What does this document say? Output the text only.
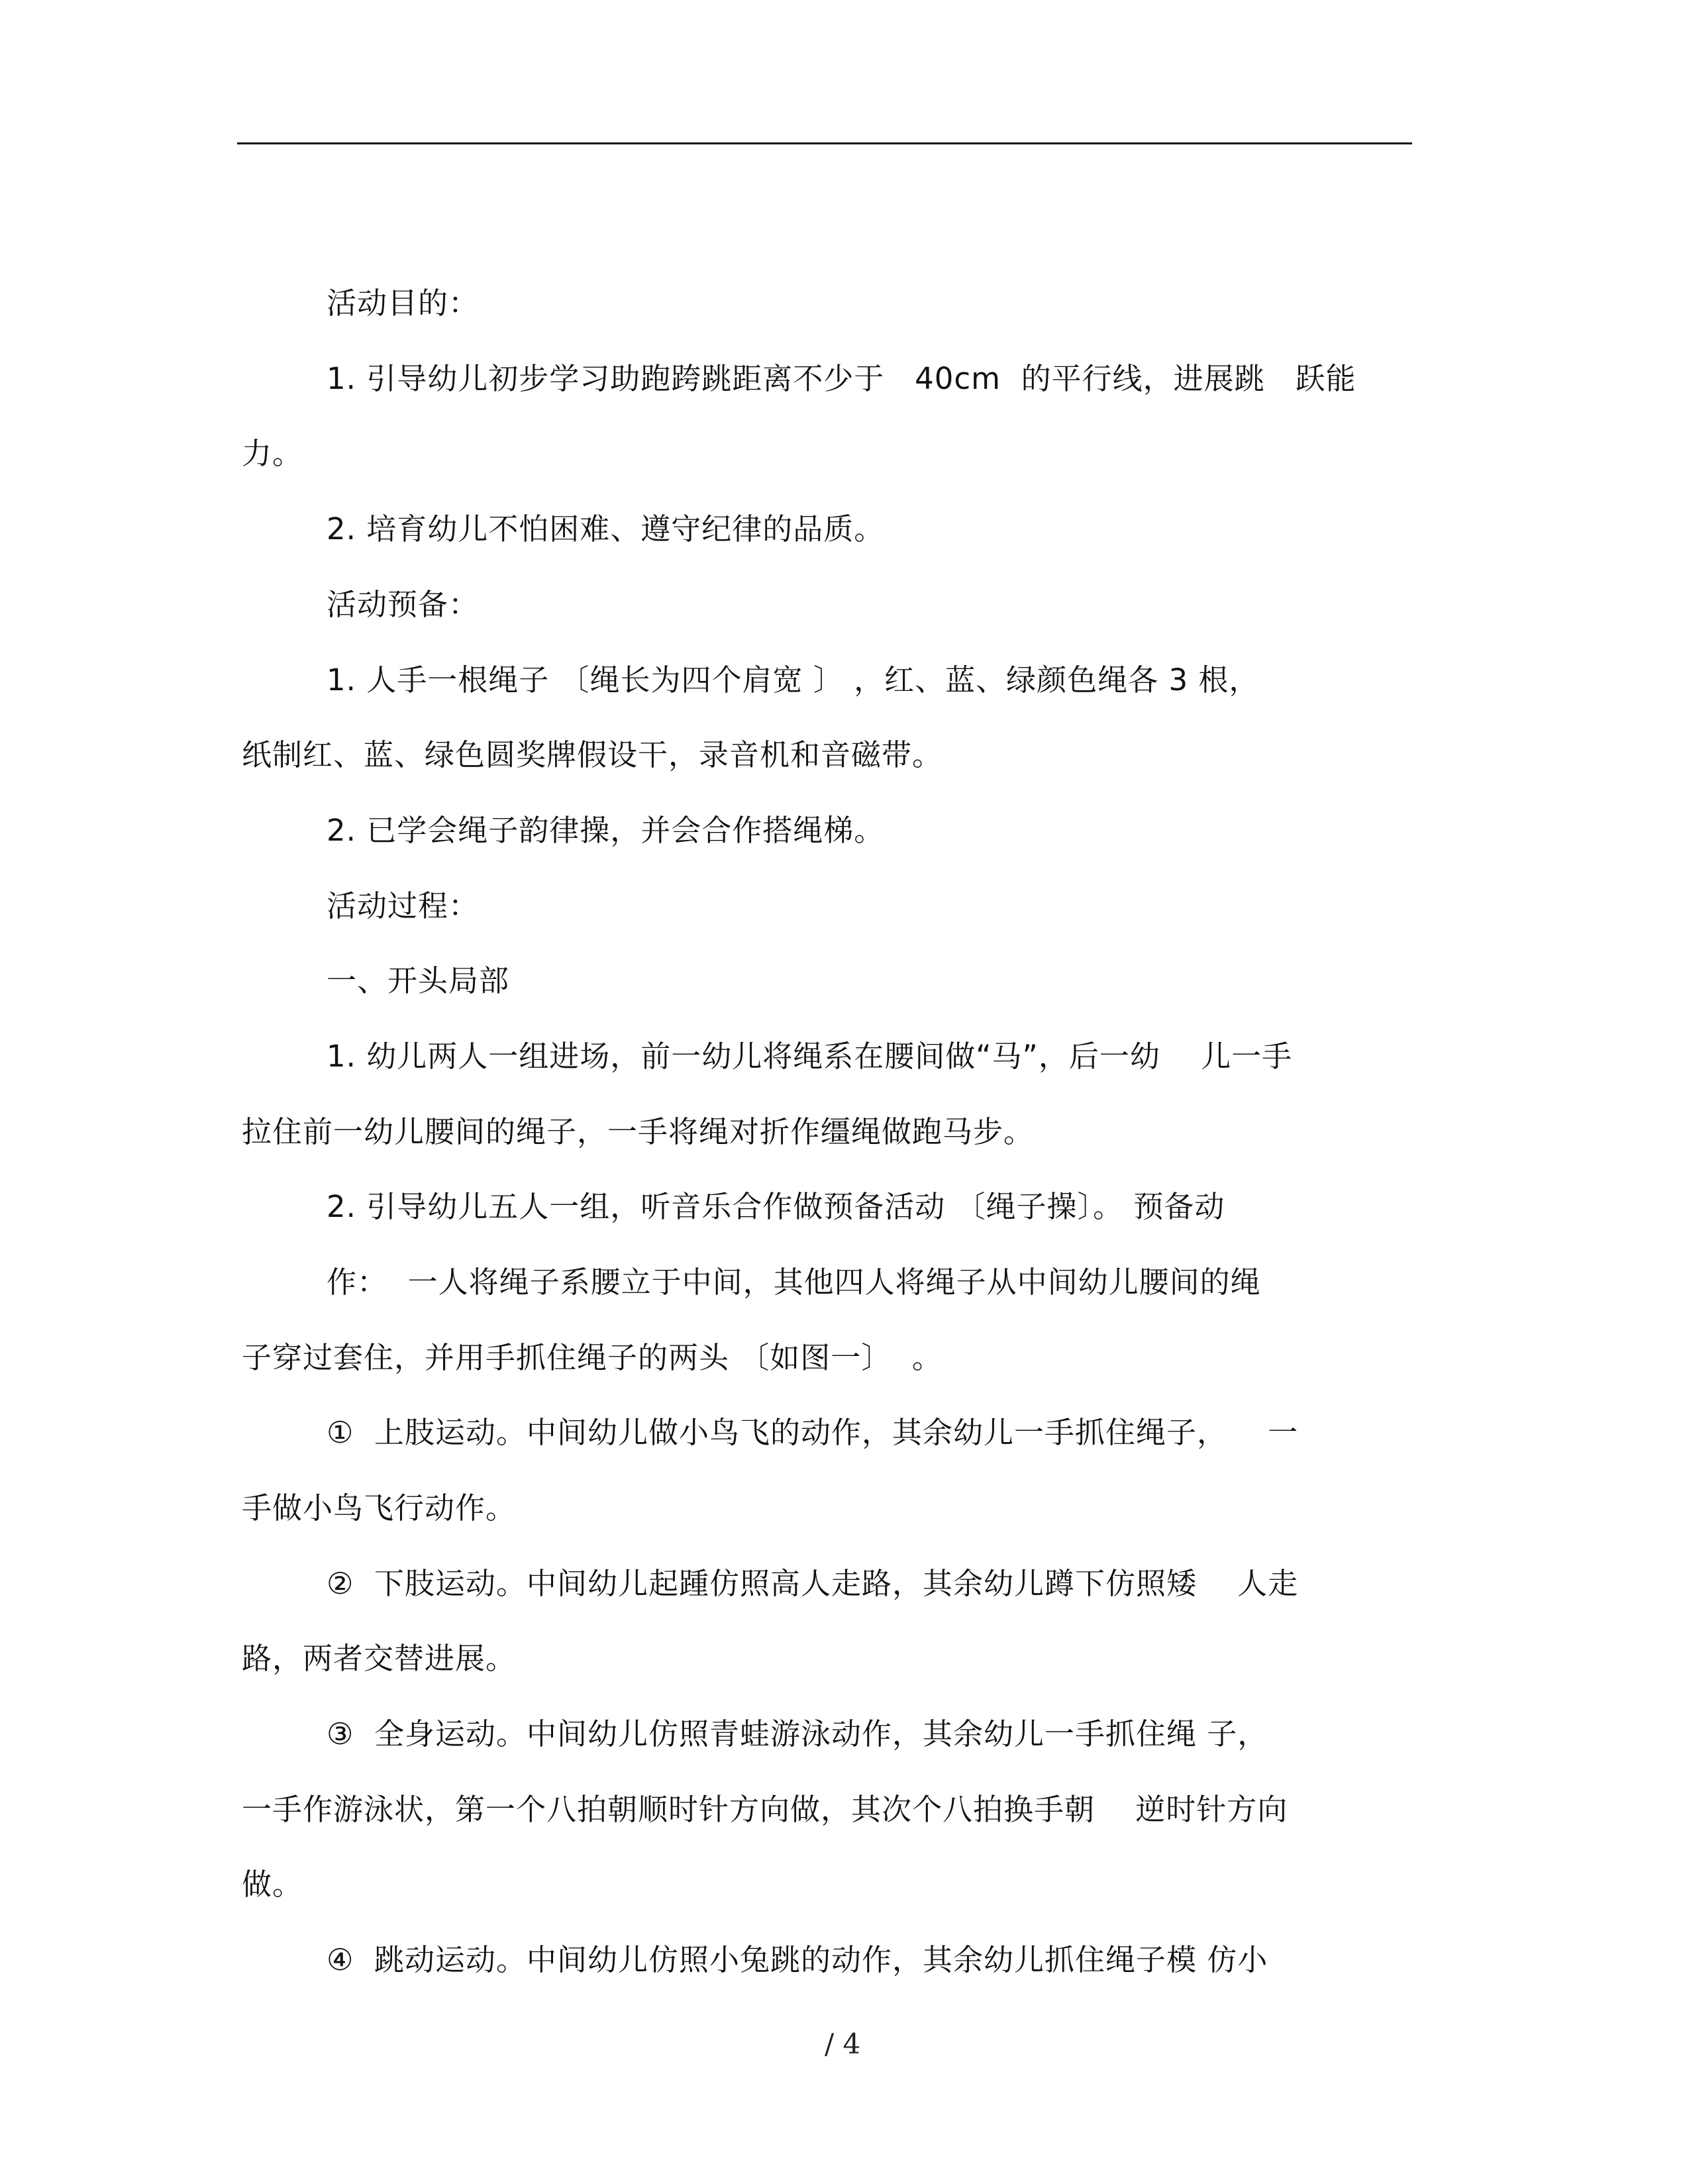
活动目的：
1. 引导幼儿初步学习助跑跨跳距离不少于   40cm  的平行线，进展跳   跃能
力。
2. 培育幼儿不怕困难、遵守纪律的品质。
活动预备：
1. 人手一根绳子 〔绳长为四个肩宽 〕 ，红、蓝、绿颜色绳各 3 根，
纸制红、蓝、绿色圆奖牌假设干，录音机和音磁带。
2. 已学会绳子韵律操，并会合作搭绳梯。
活动过程：
一、开头局部
1. 幼儿两人一组进场，前一幼儿将绳系在腰间做“马”，后一幼    儿一手
拉住前一幼儿腰间的绳子，一手将绳对折作缰绳做跑马步。
2. 引导幼儿五人一组，听音乐合作做预备活动 〔绳子操〕。 预备动
作：  一人将绳子系腰立于中间，其他四人将绳子从中间幼儿腰间的绳
子穿过套住，并用手抓住绳子的两头 〔如图一〕  。
①  上肢运动。中间幼儿做小鸟飞的动作，其余幼儿一手抓住绳子，    一
手做小鸟飞行动作。
②  下肢运动。中间幼儿起踵仿照高人走路，其余幼儿蹲下仿照矮    人走
路，两者交替进展。
③  全身运动。中间幼儿仿照青蛙游泳动作，其余幼儿一手抓住绳 子，
一手作游泳状，第一个八拍朝顺时针方向做，其次个八拍换手朝    逆时针方向
做。
④  跳动运动。中间幼儿仿照小兔跳的动作，其余幼儿抓住绳子模 仿小
/ 4
